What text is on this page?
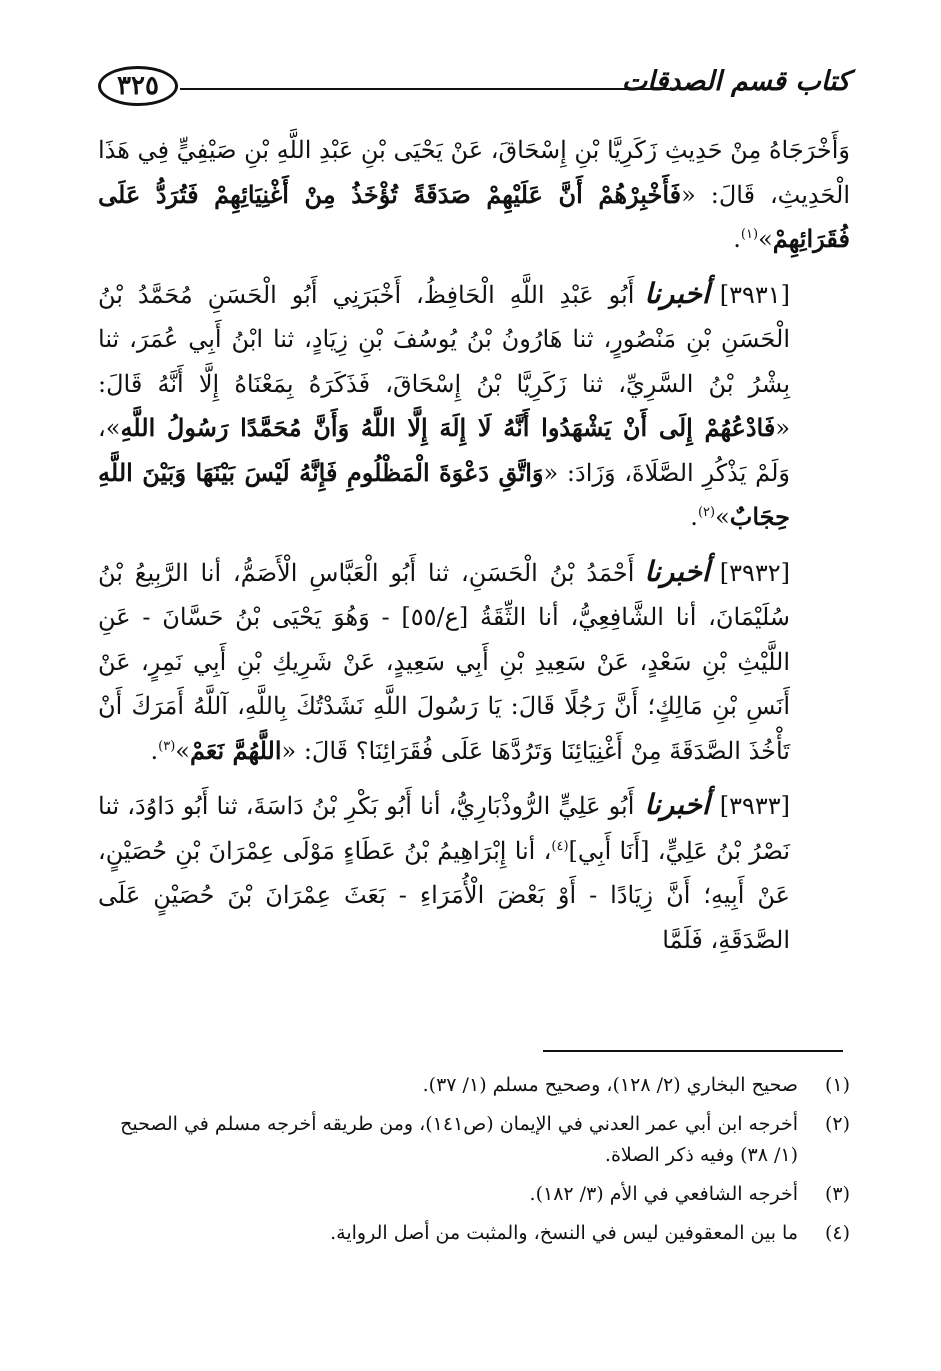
كتاب قسم الصدقات
٣٢٥

وَأَخْرَجَاهُ مِنْ حَدِيثِ زَكَرِيَّا بْنِ إِسْحَاقَ، عَنْ يَحْيَى بْنِ عَبْدِ اللَّهِ بْنِ صَيْفِيٍّ فِي هَذَا الْحَدِيثِ، قَالَ: «فَأَخْبِرْهُمْ أَنَّ عَلَيْهِمْ صَدَقَةً تُؤْخَذُ مِنْ أَغْنِيَائِهِمْ فَتُرَدُّ عَلَى فُقَرَائِهِمْ»$^{(١)}$.

[٣٩٣١]أخبرناأَبُو عَبْدِ اللَّهِ الْحَافِظُ، أَخْبَرَنِي أَبُو الْحَسَنِ مُحَمَّدُ بْنُ الْحَسَنِ بْنِ مَنْصُورٍ، ثنا هَارُونُ بْنُ يُوسُفَ بْنِ زِيَادٍ، ثنا ابْنُ أَبِي عُمَرَ، ثنا بِشْرُ بْنُ السَّرِيِّ، ثنا زَكَرِيَّا بْنُ إِسْحَاقَ، فَذَكَرَهُ بِمَعْنَاهُ إِلَّا أَنَّهُ قَالَ: «فَادْعُهُمْ إِلَى أَنْ يَشْهَدُوا أَنَّهُ لَا إِلَهَ إِلَّا اللَّهُ وَأَنَّ مُحَمَّدًا رَسُولُ اللَّهِ»، وَلَمْ يَذْكُرِ الصَّلَاةَ، وَزَادَ: «وَاتَّقِ دَعْوَةَ الْمَظْلُومِ فَإِنَّهُ لَيْسَ بَيْنَهَا وَبَيْنَ اللَّهِ حِجَابٌ»$^{(٢)}$.

[٣٩٣٢]أخبرناأَحْمَدُ بْنُ الْحَسَنِ، ثنا أَبُو الْعَبَّاسِ الْأَصَمُّ، أنا الرَّبِيعُ بْنُ سُلَيْمَانَ، أنا الشَّافِعِيُّ، أنا الثِّقَةُ [ع/٥٥] - وَهُوَ يَحْيَى بْنُ حَسَّانَ - عَنِ اللَّيْثِ بْنِ سَعْدٍ، عَنْ سَعِيدِ بْنِ أَبِي سَعِيدٍ، عَنْ شَرِيكِ بْنِ أَبِي نَمِرٍ، عَنْ أَنَسِ بْنِ مَالِكٍ؛ أَنَّ رَجُلًا قَالَ: يَا رَسُولَ اللَّهِ نَشَدْتُكَ بِاللَّهِ، آللَّهُ أَمَرَكَ أَنْ تَأْخُذَ الصَّدَقَةَ مِنْ أَغْنِيَائِنَا وَتَرُدَّهَا عَلَى فُقَرَائِنَا؟ قَالَ: «اللَّهُمَّ نَعَمْ»$^{(٣)}$.

[٣٩٣٣]أخبرناأَبُو عَلِيٍّ الرُّوذْبَارِيُّ، أنا أَبُو بَكْرِ بْنُ دَاسَةَ، ثنا أَبُو دَاوُدَ، ثنا نَصْرُ بْنُ عَلِيٍّ، [أَنَا أَبِي]$^{(٤)}$، أنا إِبْرَاهِيمُ بْنُ عَطَاءٍ مَوْلَى عِمْرَانَ بْنِ حُصَيْنٍ، عَنْ أَبِيهِ؛ أَنَّ زِيَادًا - أَوْ بَعْضَ الْأُمَرَاءِ - بَعَثَ عِمْرَانَ بْنَ حُصَيْنٍ عَلَى الصَّدَقَةِ، فَلَمَّا

(١)
صحيح البخاري (٢/ ١٢٨)، وصحيح مسلم (١/ ٣٧).
(٢)
أخرجه ابن أبي عمر العدني في الإيمان (ص١٤١)، ومن طريقه أخرجه مسلم في الصحيح (١/ ٣٨) وفيه ذكر الصلاة.
(٣)
أخرجه الشافعي في الأم (٣/ ١٨٢).
(٤)
ما بين المعقوفين ليس في النسخ، والمثبت من أصل الرواية.
